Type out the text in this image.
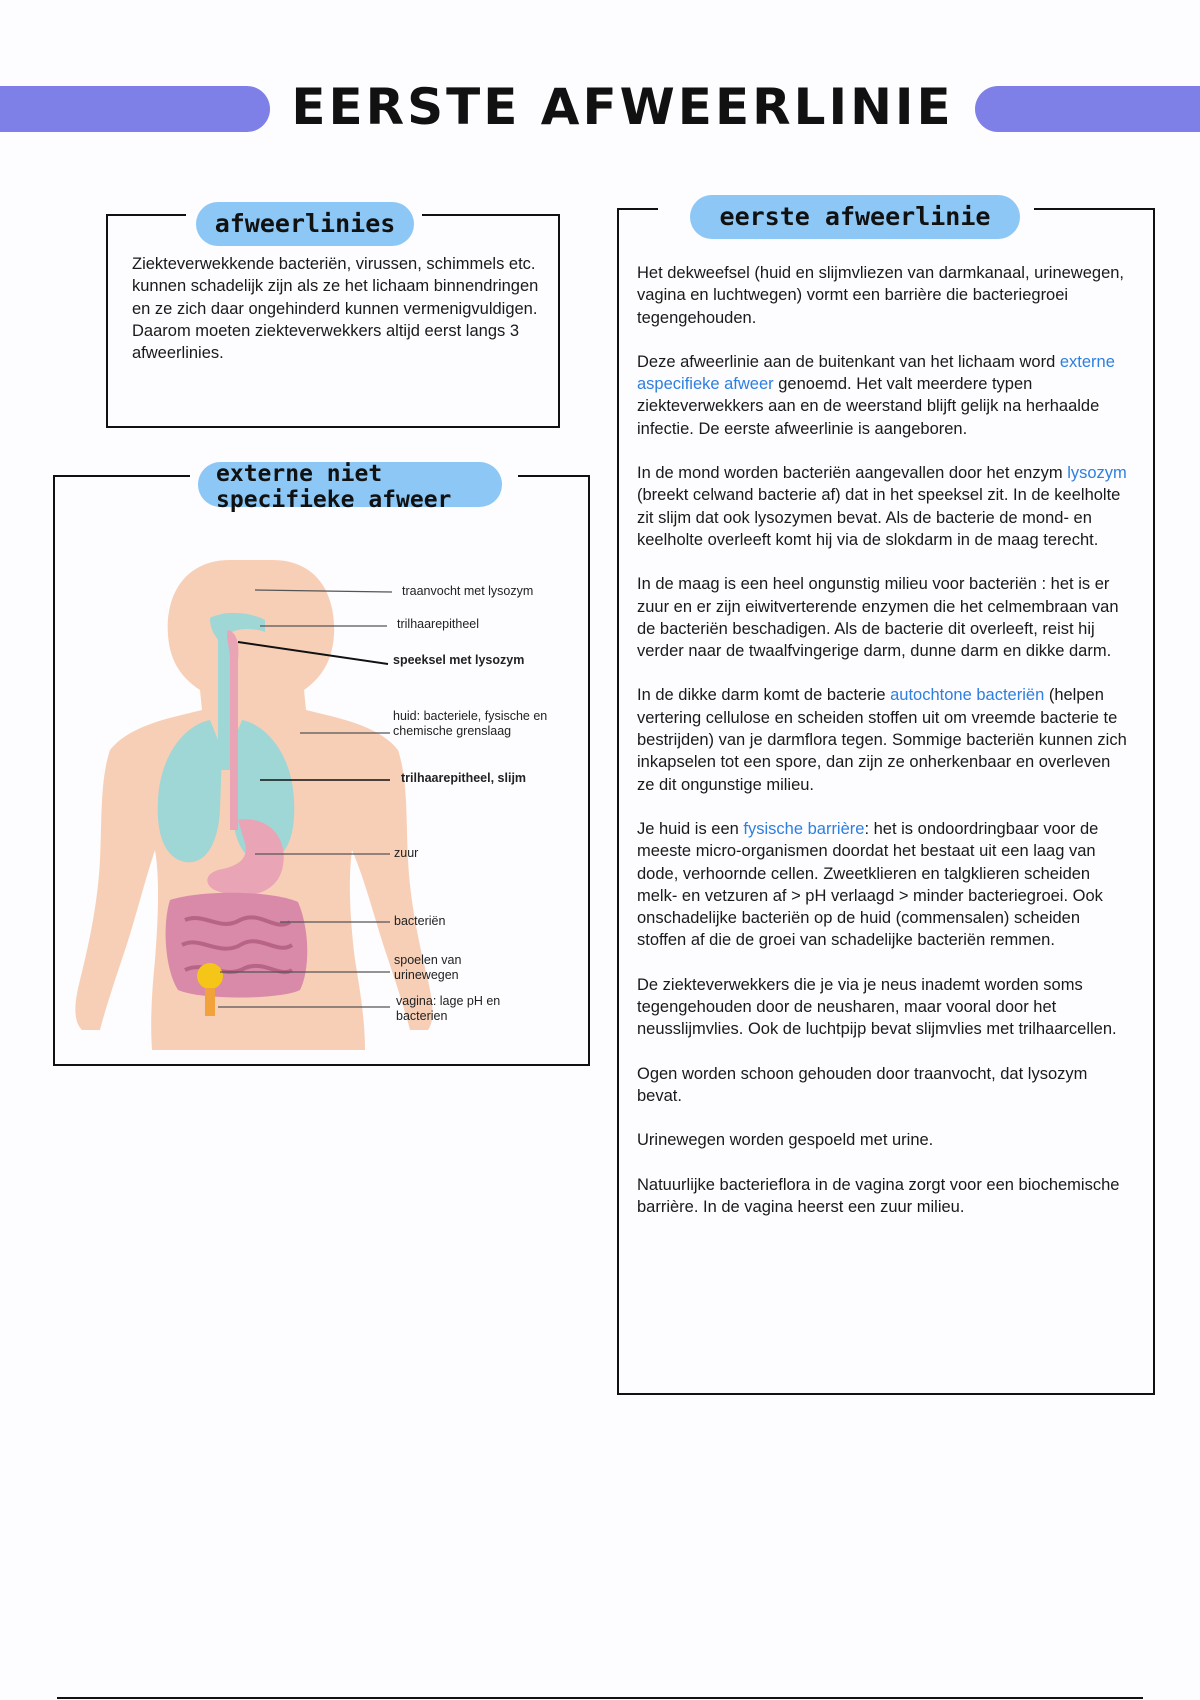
EERSTE AFWEERLINIE
afweerlinies
Ziekteverwekkende bacteriën, virussen, schimmels etc. kunnen schadelijk zijn als ze het lichaam binnendringen en ze zich daar ongehinderd kunnen vermenigvuldigen. Daarom moeten ziekteverwekkers altijd eerst langs 3 afweerlinies.
externe niet
specifieke afweer
traanvocht met lysozym
trilhaarepitheel
speeksel met lysozym
huid: bacteriele, fysische en
chemische grenslaag
trilhaarepitheel, slijm
zuur
bacteriën
spoelen van
urinewegen
vagina: lage pH en
bacterien
eerste afweerlinie

Het dekweefsel (huid en slijmvliezen van darmkanaal, urinewegen, vagina en luchtwegen) vormt een barrière die bacteriegroei tegengehouden.

Deze afweerlinie aan de buitenkant van het lichaam word externe aspecifieke afweer genoemd. Het valt meerdere typen ziekteverwekkers aan en de weerstand blijft gelijk na herhaalde infectie. De eerste afweerlinie is aangeboren.

In de mond worden bacteriën aangevallen door het enzym lysozym (breekt celwand bacterie af) dat in het speeksel zit. In de keelholte zit slijm dat ook lysozymen bevat. Als de bacterie de mond- en keelholte overleeft komt hij via de slokdarm in de maag terecht.

In de maag is een heel ongunstig milieu voor bacteriën : het is er zuur en er zijn eiwitverterende enzymen die het celmembraan van de bacteriën beschadigen. Als de bacterie dit overleeft, reist hij verder naar de twaalfvingerige darm, dunne darm en dikke darm.

In de dikke darm komt de bacterie autochtone bacteriën (helpen vertering cellulose en scheiden stoffen uit om vreemde bacterie te bestrijden) van je darmflora tegen. Sommige bacteriën kunnen zich inkapselen tot een spore, dan zijn ze onherkenbaar en overleven ze dit ongunstige milieu.

Je huid is een fysische barrière: het is ondoordringbaar voor de meeste micro-organismen doordat het bestaat uit een laag van dode, verhoornde cellen. Zweetklieren en talgklieren scheiden melk- en vetzuren af > pH verlaagd > minder bacteriegroei. Ook onschadelijke bacteriën op de huid (commensalen) scheiden stoffen af die de groei van schadelijke bacteriën remmen.

De ziekteverwekkers die je via je neus inademt worden soms tegengehouden door de neusharen, maar vooral door het neusslijmvlies. Ook de luchtpijp bevat slijmvlies met trilhaarcellen.

Ogen worden schoon gehouden door traanvocht, dat lysozym bevat.

Urinewegen worden gespoeld met urine.

Natuurlijke bacterieflora in de vagina zorgt voor een biochemische barrière. In de vagina heerst een zuur milieu.
